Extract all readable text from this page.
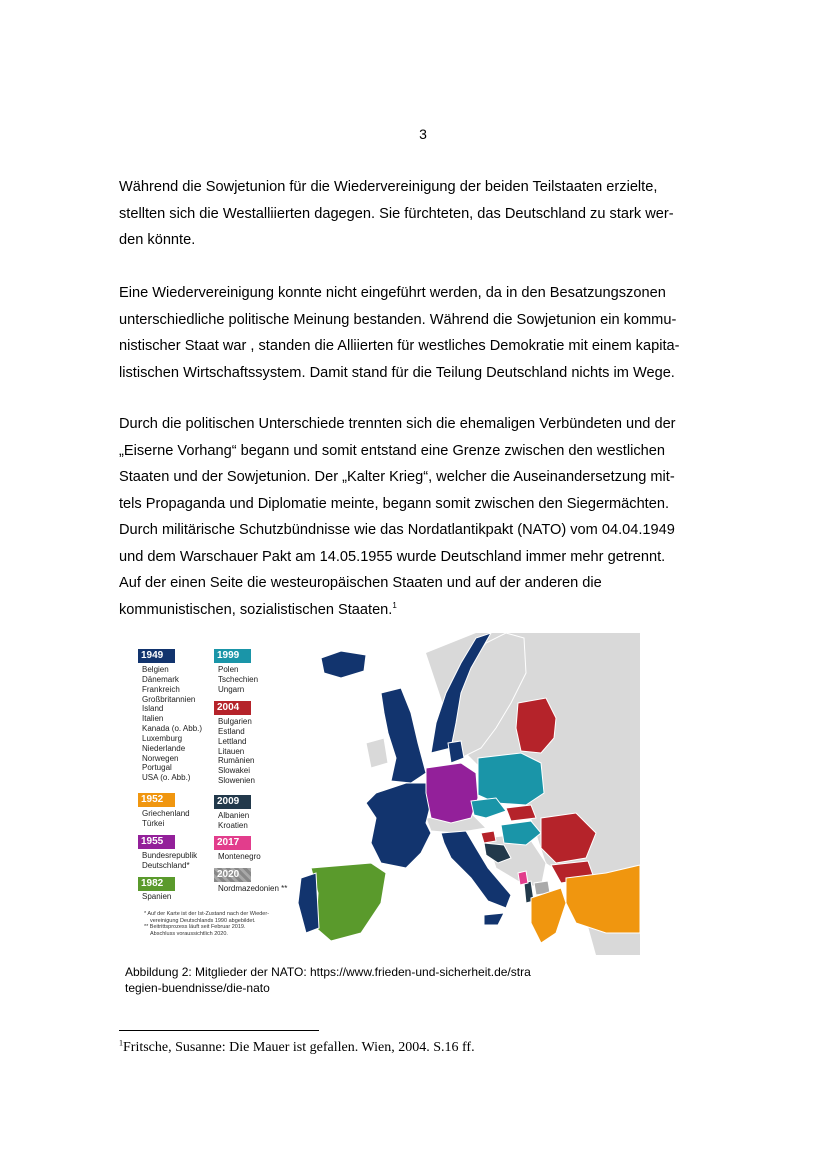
3

Während die Sowjetunion für die Wiedervereinigung der beiden Teilstaaten erzielte,
stellten sich die Westalliierten dagegen. Sie fürchteten, das Deutschland zu stark wer-
den könnte.

Eine Wiedervereinigung konnte nicht eingeführt werden, da in den Besatzungszonen
unterschiedliche politische Meinung bestanden. Während die Sowjetunion ein kommu-
nistischer Staat war , standen die Alliierten für westliches Demokratie mit einem kapita-
listischen Wirtschaftssystem. Damit stand für die Teilung Deutschland nichts im Wege.

Durch die politischen Unterschiede trennten sich die ehemaligen Verbündeten und der
„Eiserne Vorhang“ begann und somit entstand eine Grenze zwischen den westlichen
Staaten und der Sowjetunion. Der „Kalter Krieg“, welcher die Auseinandersetzung mit-
tels Propaganda und Diplomatie meinte, begann somit zwischen den Siegermächten.
Durch militärische Schutzbündnisse wie das Nordatlantikpakt (NATO) vom 04.04.1949
und dem Warschauer Pakt am 14.05.1955 wurde Deutschland immer mehr getrennt.
Auf der einen Seite die westeuropäischen Staaten und auf der anderen die
kommunistischen, sozialistischen Staaten.$^1$

1949
Belgien
Dänemark
Frankreich
Großbritannien
Island
Italien
Kanada (o. Abb.)
Luxemburg
Niederlande
Norwegen
Portugal
USA (o. Abb.)
1952
Griechenland
Türkei
1955
Bundesrepublik
Deutschland*
1982
Spanien
1999
Polen
Tschechien
Ungarn
2004
Bulgarien
Estland
Lettland
Litauen
Rumänien
Slowakei
Slowenien
2009
Albanien
Kroatien
2017
Montenegro
2020
Nordmazedonien **
* Auf der Karte ist der Ist-Zustand nach der Wieder-
vereinigung Deutschlands 1990 abgebildet.
** Beitrittsprozess läuft seit Februar 2019.
Abschluss voraussichtlich 2020.
Abbildung 2: Mitglieder der NATO: https://www.frieden-und-sicherheit.de/stra
tegien-buendnisse/die-nato
$^1$Fritsche, Susanne: Die Mauer ist gefallen. Wien, 2004. S.16 ff.
